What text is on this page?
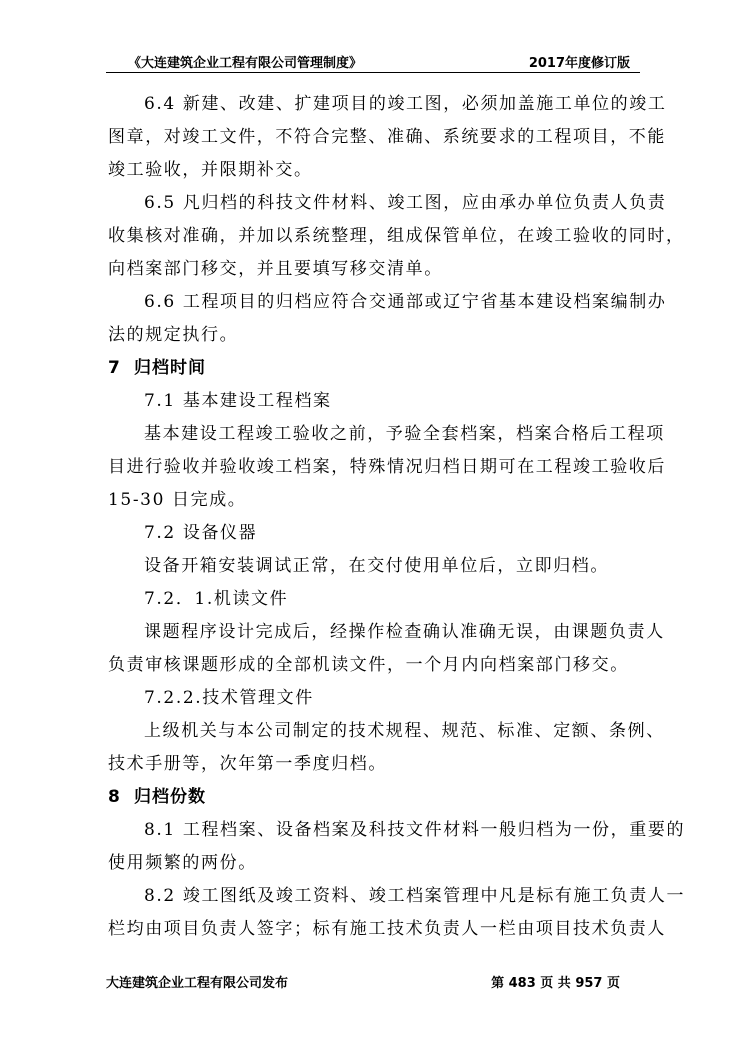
《大连建筑企业工程有限公司管理制度》	2017年度修订版
6.4 新建、改建、扩建项目的竣工图，必须加盖施工单位的竣工
图章，对竣工文件，不符合完整、准确、系统要求的工程项目，不能
竣工验收，并限期补交。
6.5 凡归档的科技文件材料、竣工图，应由承办单位负责人负责
收集核对准确，并加以系统整理，组成保管单位，在竣工验收的同时，
向档案部门移交，并且要填写移交清单。
6.6 工程项目的归档应符合交通部或辽宁省基本建设档案编制办
法的规定执行。
7 归档时间
7.1 基本建设工程档案
基本建设工程竣工验收之前，予验全套档案，档案合格后工程项
目进行验收并验收竣工档案，特殊情况归档日期可在工程竣工验收后
15-30 日完成。
7.2 设备仪器
设备开箱安装调试正常，在交付使用单位后，立即归档。
7.2．1.机读文件
课题程序设计完成后，经操作检查确认准确无误，由课题负责人
负责审核课题形成的全部机读文件，一个月内向档案部门移交。
7.2.2.技术管理文件
上级机关与本公司制定的技术规程、规范、标准、定额、条例、
技术手册等，次年第一季度归档。
8 归档份数
8.1 工程档案、设备档案及科技文件材料一般归档为一份，重要的
使用频繁的两份。
8.2 竣工图纸及竣工资料、竣工档案管理中凡是标有施工负责人一
栏均由项目负责人签字；标有施工技术负责人一栏由项目技术负责人
大连建筑企业工程有限公司发布	第 483 页 共 957 页
